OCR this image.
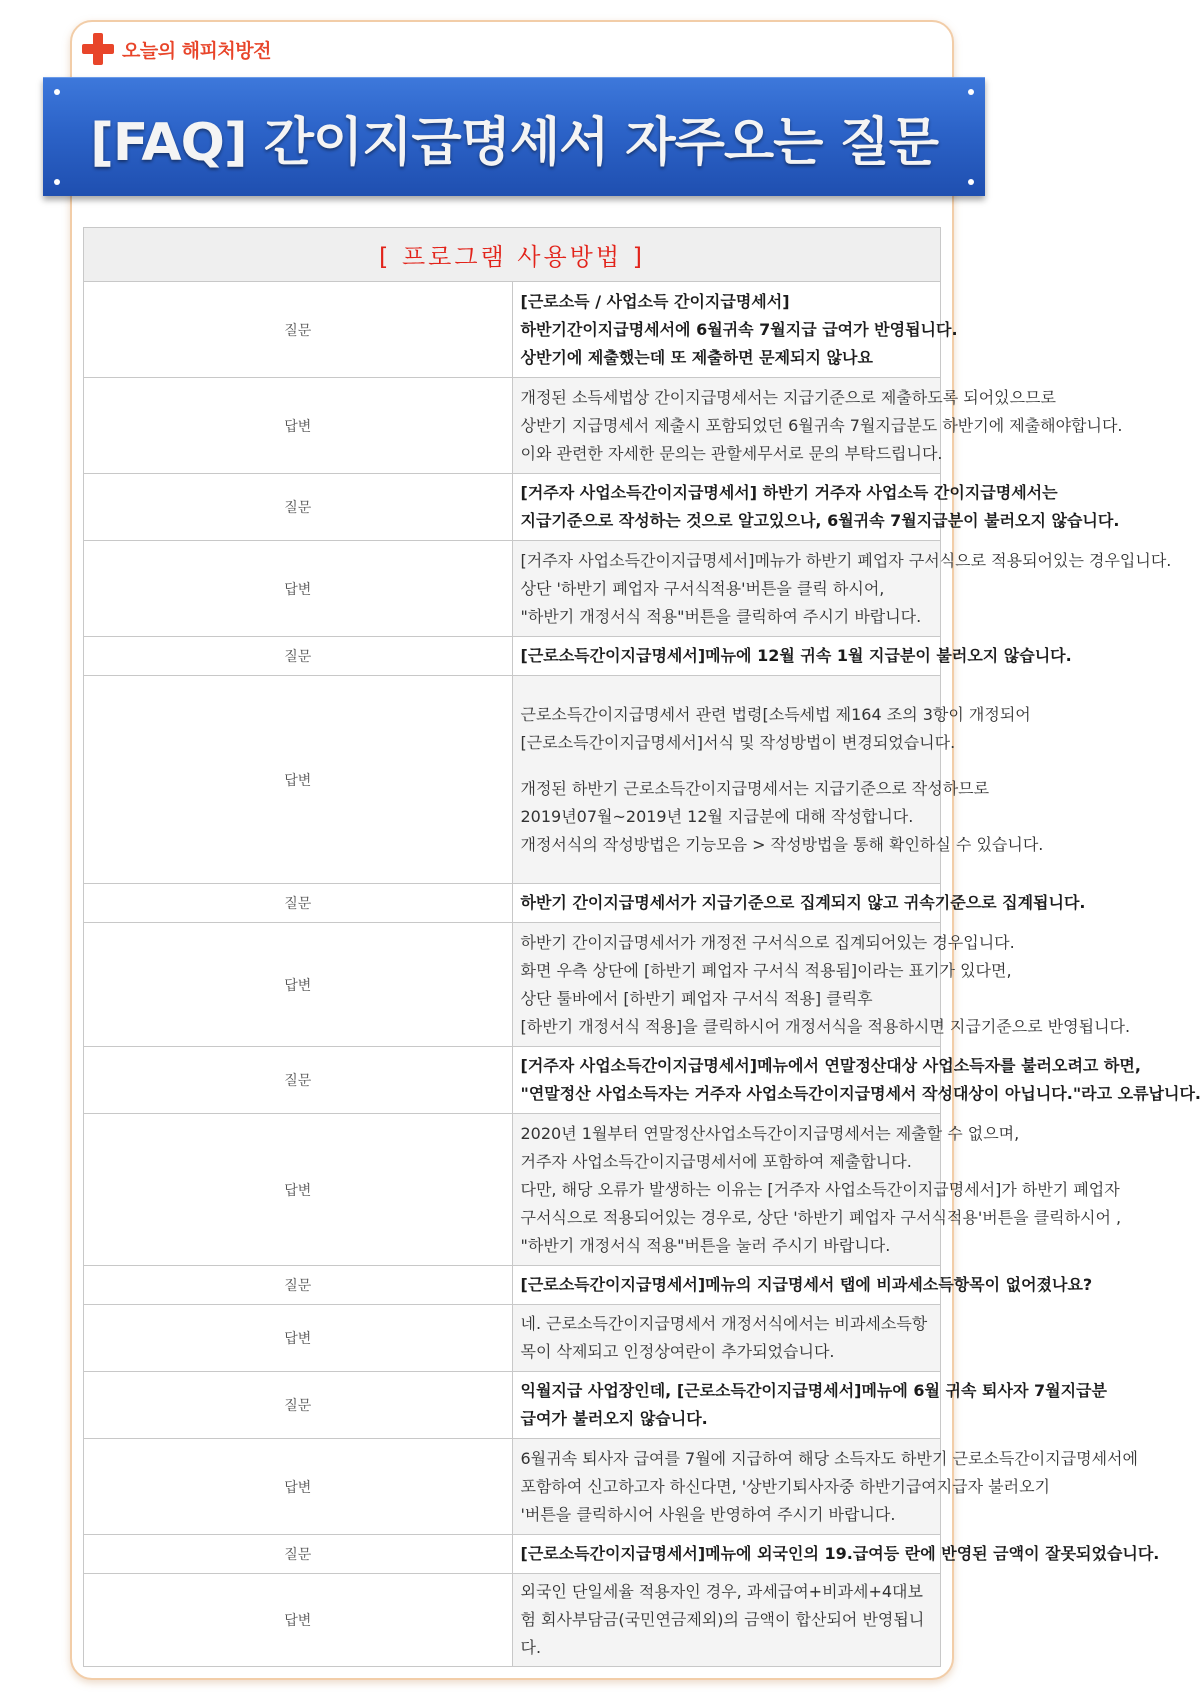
오늘의 해피처방전
[FAQ] 간이지급명세서 자주오는 질문
[ 프로그램 사용방법 ]	
질문	[근로소득 / 사업소득 간이지급명세서]
하반기간이지급명세서에 6월귀속 7월지급 급여가 반영됩니다.
상반기에 제출했는데 또 제출하면 문제되지 않나요

답변	개정된 소득세법상 간이지급명세서는 지급기준으로 제출하도록 되어있으므로
상반기 지급명세서 제출시 포함되었던 6월귀속 7월지급분도 하반기에 제출해야합니다.
이와 관련한 자세한 문의는 관할세무서로 문의 부탁드립니다.

질문	[거주자 사업소득간이지급명세서] 하반기 거주자 사업소득 간이지급명세서는
지급기준으로 작성하는 것으로 알고있으나, 6월귀속 7월지급분이 불러오지 않습니다.

답변	[거주자 사업소득간이지급명세서]메뉴가 하반기 폐업자 구서식으로 적용되어있는 경우입니다.
상단 '하반기 폐업자 구서식적용'버튼을 클릭 하시어,
"하반기 개정서식 적용"버튼을 클릭하여 주시기 바랍니다.

질문	[근로소득간이지급명세서]메뉴에 12월 귀속 1월 지급분이 불러오지 않습니다.

답변	근로소득간이지급명세서 관련 법령[소득세법 제164 조의 3항이 개정되어
[근로소득간이지급명세서]서식 및 작성방법이 변경되었습니다.
개정된 하반기 근로소득간이지급명세서는 지급기준으로 작성하므로
2019년07월~2019년 12월 지급분에 대해 작성합니다.
개정서식의 작성방법은 기능모음 > 작성방법을 통해 확인하실 수 있습니다.

질문	하반기 간이지급명세서가 지급기준으로 집계되지 않고 귀속기준으로 집계됩니다.

답변	하반기 간이지급명세서가 개정전 구서식으로 집계되어있는 경우입니다.
화면 우측 상단에 [하반기 폐업자 구서식 적용됨]이라는 표기가 있다면,
상단 툴바에서 [하반기 폐업자 구서식 적용] 클릭후
[하반기 개정서식 적용]을 클릭하시어 개정서식을 적용하시면 지급기준으로 반영됩니다.

질문	[거주자 사업소득간이지급명세서]메뉴에서 연말정산대상 사업소득자를 불러오려고 하면,
"연말정산 사업소득자는 거주자 사업소득간이지급명세서 작성대상이 아닙니다."라고 오류납니다.

답변	2020년 1월부터 연말정산사업소득간이지급명세서는 제출할 수 없으며,
거주자 사업소득간이지급명세서에 포함하여 제출합니다.
다만, 해당 오류가 발생하는 이유는 [거주자 사업소득간이지급명세서]가 하반기 폐업자
구서식으로 적용되어있는 경우로, 상단 '하반기 폐업자 구서식적용'버튼을 클릭하시어 ,
"하반기 개정서식 적용"버튼을 눌러 주시기 바랍니다.

질문	[근로소득간이지급명세서]메뉴의 지급명세서 탭에 비과세소득항목이 없어졌나요?

답변	네. 근로소득간이지급명세서 개정서식에서는 비과세소득항목이 삭제되고 인정상여란이 추가되었습니다.

질문	익월지급 사업장인데, [근로소득간이지급명세서]메뉴에 6월 귀속 퇴사자 7월지급분
급여가 불러오지 않습니다.

답변	6월귀속 퇴사자 급여를 7월에 지급하여 해당 소득자도 하반기 근로소득간이지급명세서에
포함하여 신고하고자 하신다면, '상반기퇴사자중 하반기급여지급자 불러오기
'버튼을 클릭하시어 사원을 반영하여 주시기 바랍니다.

질문	[근로소득간이지급명세서]메뉴에 외국인의 19.급여등 란에 반영된 금액이 잘못되었습니다.

답변	외국인 단일세율 적용자인 경우, 과세급여+비과세+4대보험 회사부담금(국민연금제외)의 금액이 합산되어 반영됩니다.
